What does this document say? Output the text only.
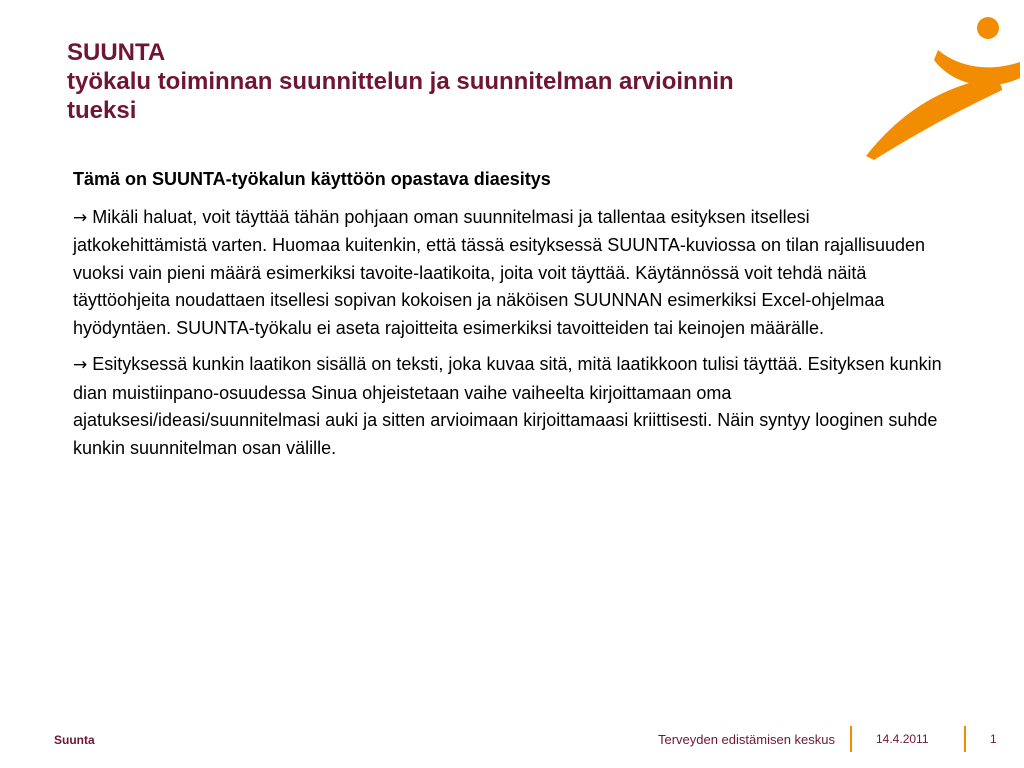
SUUNTA
työkalu toiminnan suunnittelun ja suunnitelman arvioinnin
tueksi

Tämä on SUUNTA-työkalun käyttöön opastava diaesitys

→ Mikäli haluat, voit täyttää tähän pohjaan oman suunnitelmasi ja tallentaa esityksen itsellesi jatkokehittämistä varten. Huomaa kuitenkin, että tässä esityksessä SUUNTA-kuviossa on tilan rajallisuuden vuoksi vain pieni määrä esimerkiksi tavoite-laatikoita, joita voit täyttää. Käytännössä voit tehdä näitä täyttöohjeita noudattaen itsellesi sopivan kokoisen ja näköisen SUUNNAN esimerkiksi Excel-ohjelmaa hyödyntäen. SUUNTA-työkalu ei aseta rajoitteita esimerkiksi tavoitteiden tai keinojen määrälle.

→ Esityksessä kunkin laatikon sisällä on teksti, joka kuvaa sitä, mitä laatikkoon tulisi täyttää. Esityksen kunkin dian muistiinpano-osuudessa Sinua ohjeistetaan vaihe vaiheelta kirjoittamaan oma ajatuksesi/ideasi/suunnitelmasi auki ja sitten arvioimaan kirjoittamaasi kriittisesti. Näin syntyy looginen suhde kunkin suunnitelman osan välille.

Suunta	Terveyden edistämisen keskus	14.4.2011	1
